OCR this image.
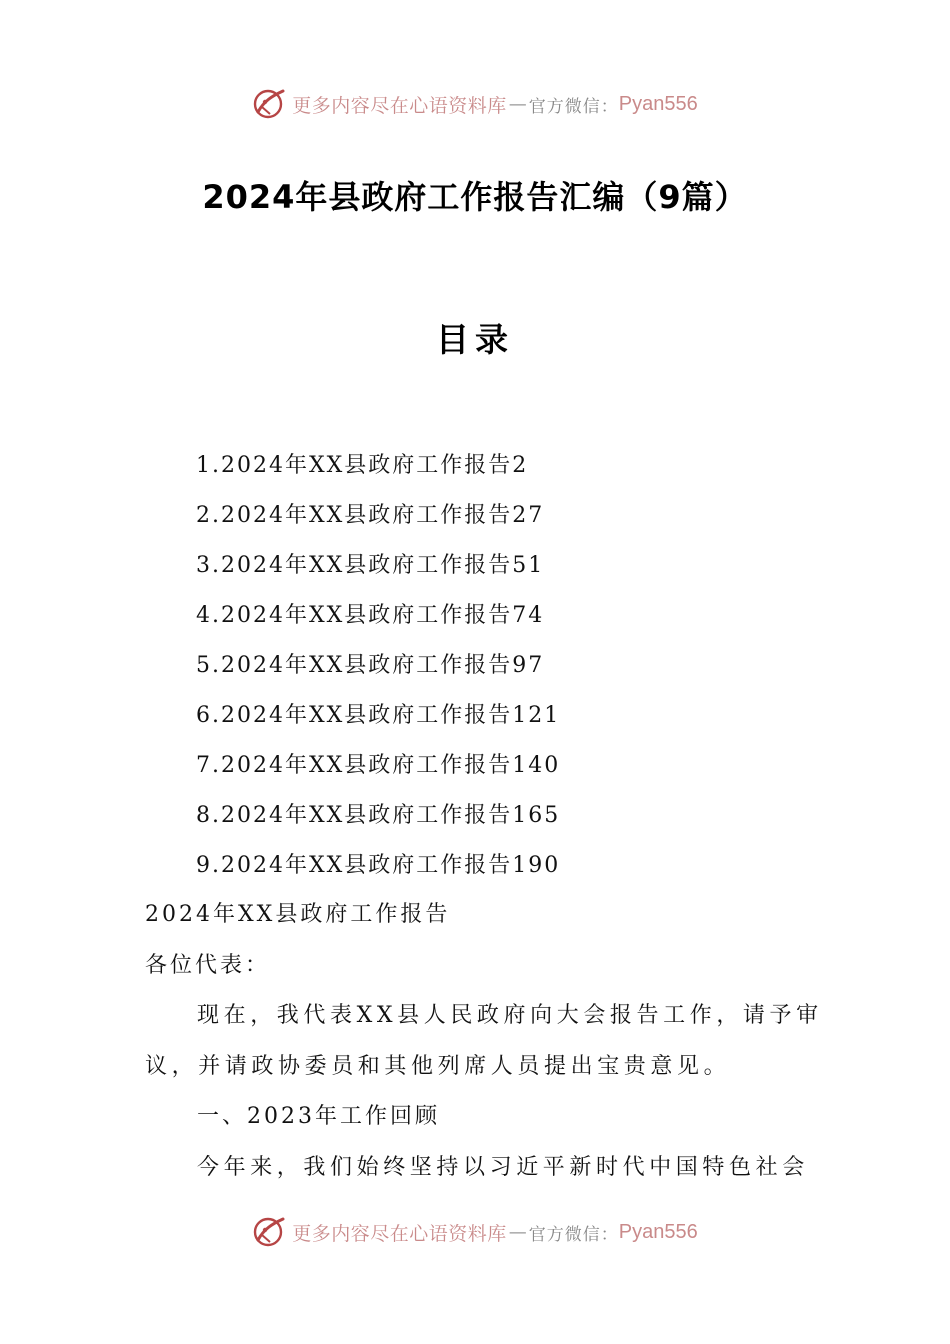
更多内容尽在心语资料库 — 官方微信： Pyan556
2024年县政府工作报告汇编（9篇）
目录
1.2024年XX县政府工作报告2
2.2024年XX县政府工作报告27
3.2024年XX县政府工作报告51
4.2024年XX县政府工作报告74
5.2024年XX县政府工作报告97
6.2024年XX县政府工作报告121
7.2024年XX县政府工作报告140
8.2024年XX县政府工作报告165
9.2024年XX县政府工作报告190
2024年XX县政府工作报告
各位代表：
现在，我代表XX县人民政府向大会报告工作，请予审
议，并请政协委员和其他列席人员提出宝贵意见。
一、2023年工作回顾
今年来，我们始终坚持以习近平新时代中国特色社会
更多内容尽在心语资料库 — 官方微信： Pyan556
